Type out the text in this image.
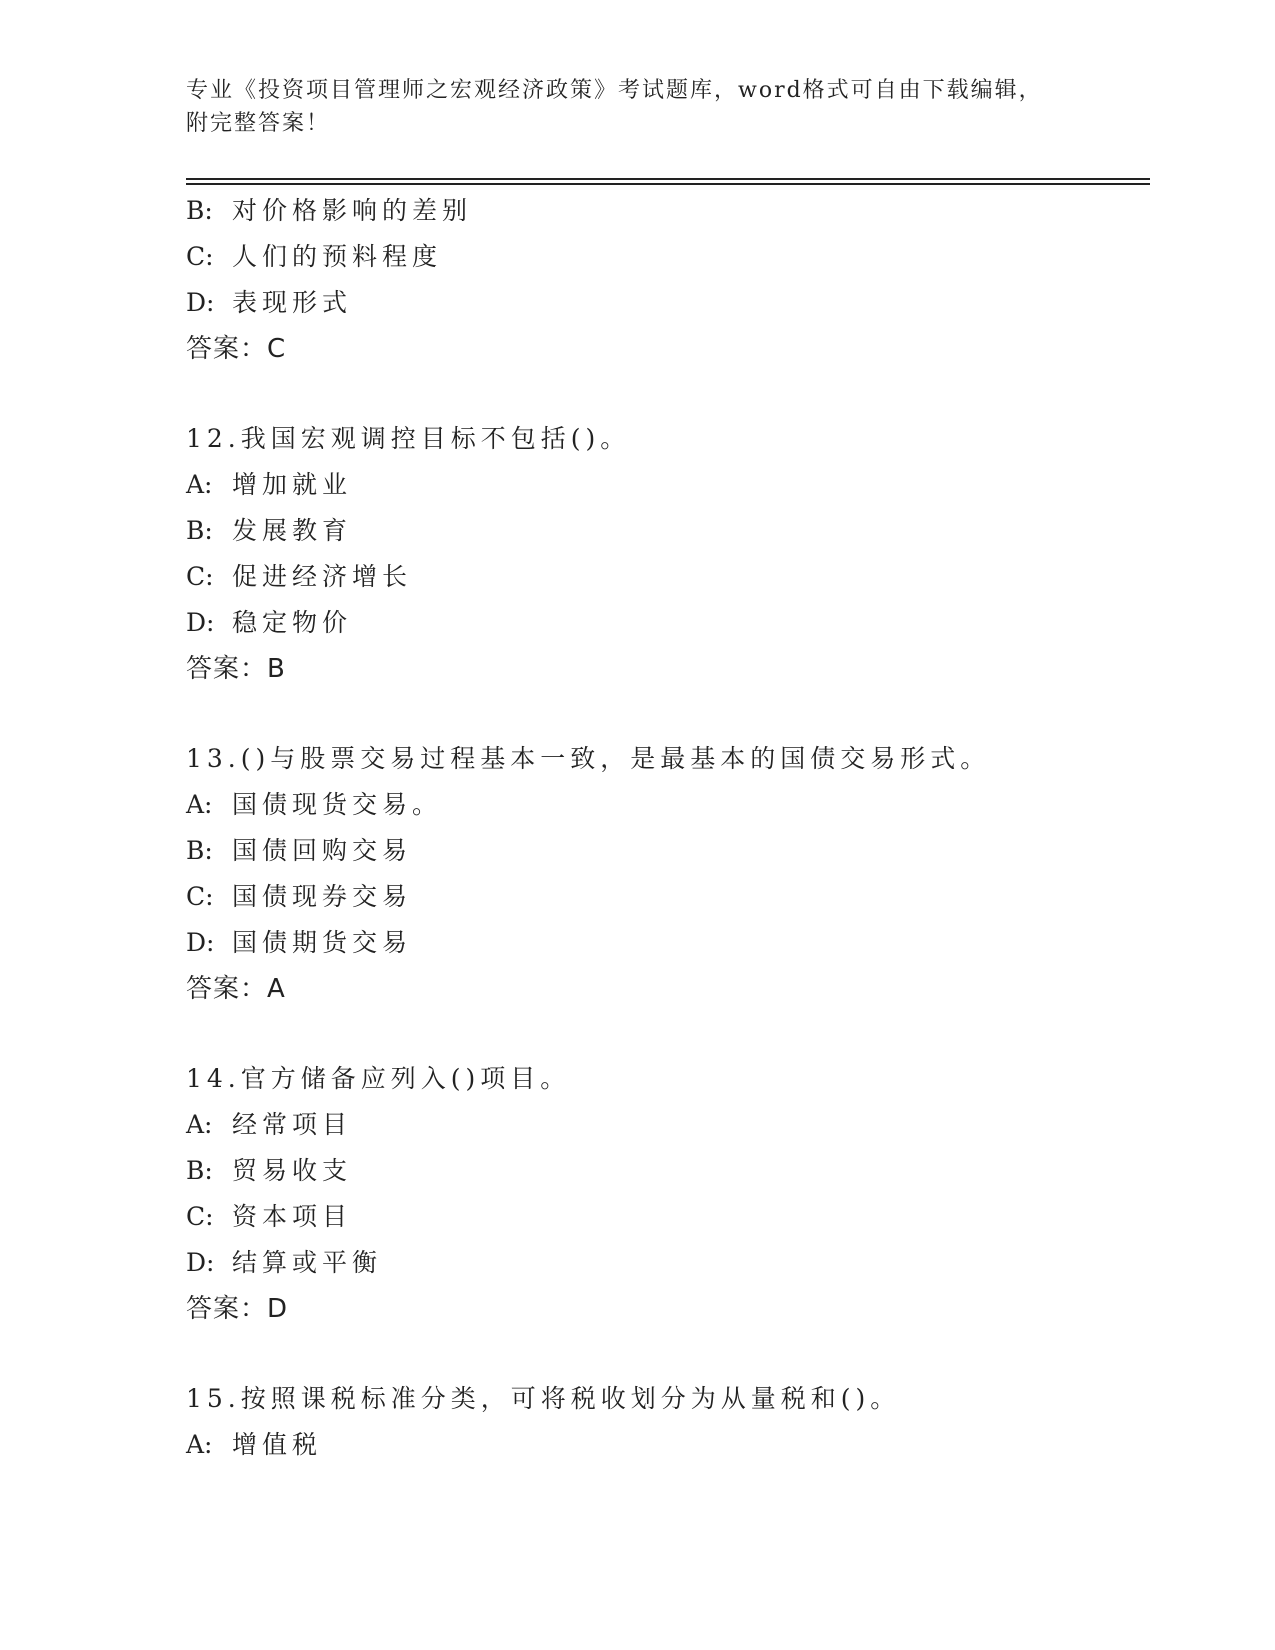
专业《投资项目管理师之宏观经济政策》考试题库，word格式可自由下载编辑，
附完整答案！
B: 对价格影响的差别
C: 人们的预料程度
D: 表现形式
答案：C
12.我国宏观调控目标不包括()。
A: 增加就业
B: 发展教育
C: 促进经济增长
D: 稳定物价
答案：B
13.()与股票交易过程基本一致，是最基本的国债交易形式。
A: 国债现货交易。
B: 国债回购交易
C: 国债现券交易
D: 国债期货交易
答案：A
14.官方储备应列入()项目。
A: 经常项目
B: 贸易收支
C: 资本项目
D: 结算或平衡
答案：D
15.按照课税标准分类，可将税收划分为从量税和()。
A: 增值税
